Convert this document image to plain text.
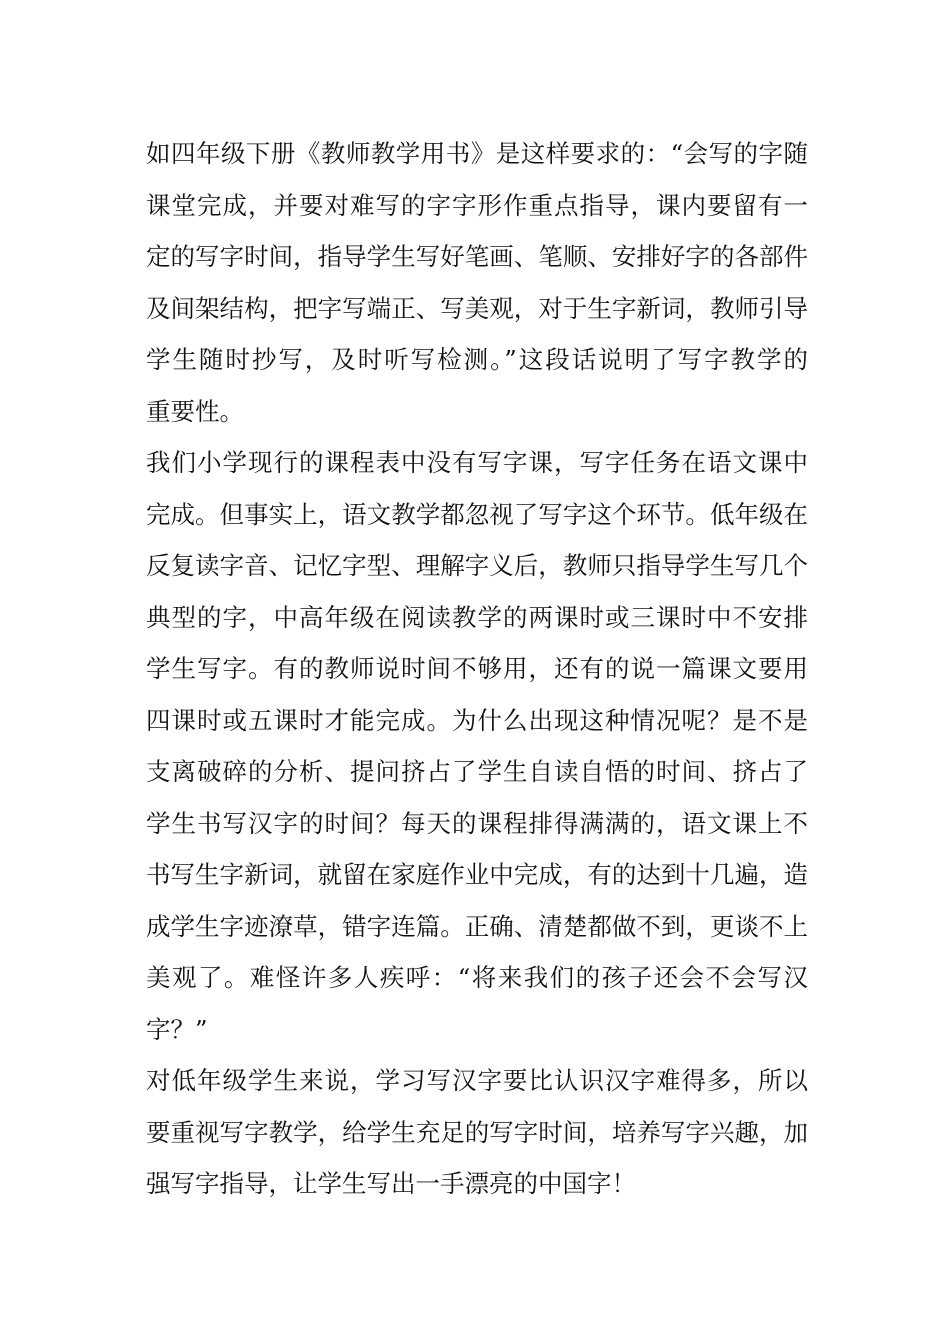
如四年级下册《教师教学用书》是这样要求的：“会写的字随
课堂完成，并要对难写的字字形作重点指导，课内要留有一
定的写字时间，指导学生写好笔画、笔顺、安排好字的各部件
及间架结构，把字写端正、写美观，对于生字新词，教师引导
学生随时抄写，及时听写检测。”这段话说明了写字教学的
重要性。
我们小学现行的课程表中没有写字课，写字任务在语文课中
完成。但事实上，语文教学都忽视了写字这个环节。低年级在
反复读字音、记忆字型、理解字义后，教师只指导学生写几个
典型的字，中高年级在阅读教学的两课时或三课时中不安排
学生写字。有的教师说时间不够用，还有的说一篇课文要用
四课时或五课时才能完成。为什么出现这种情况呢？是不是
支离破碎的分析、提问挤占了学生自读自悟的时间、挤占了
学生书写汉字的时间？每天的课程排得满满的，语文课上不
书写生字新词，就留在家庭作业中完成，有的达到十几遍，造
成学生字迹潦草，错字连篇。正确、清楚都做不到，更谈不上
美观了。难怪许多人疾呼：“将来我们的孩子还会不会写汉
字？”
对低年级学生来说，学习写汉字要比认识汉字难得多，所以
要重视写字教学，给学生充足的写字时间，培养写字兴趣，加
强写字指导，让学生写出一手漂亮的中国字！
